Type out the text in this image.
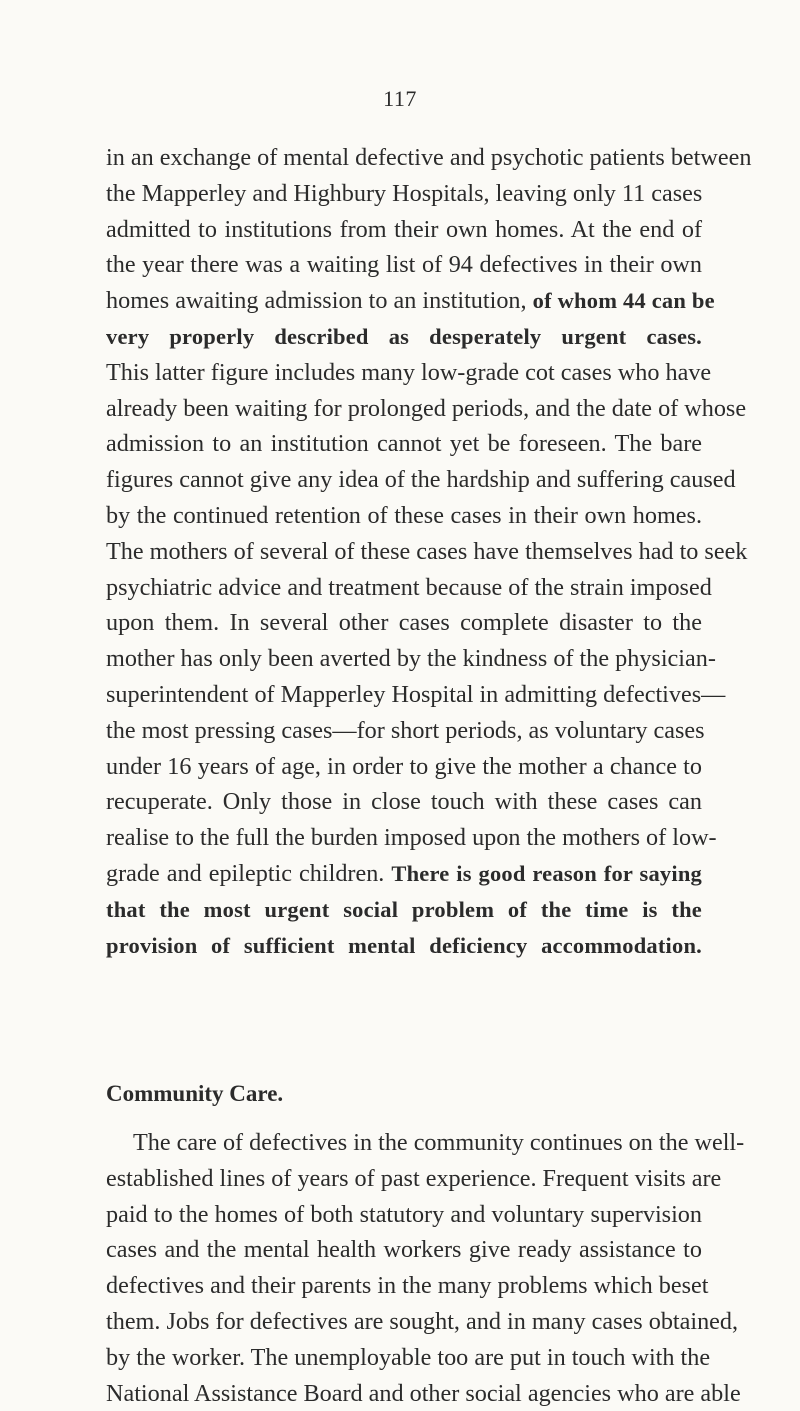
117
in an exchange of mental defective and psychotic patients between
the Mapperley and Highbury Hospitals, leaving only 11 cases
admitted to institutions from their own homes. At the end of
the year there was a waiting list of 94 defectives in their own
homes awaiting admission to an institution, of whom 44 can be
very properly described as desperately urgent cases.
This latter figure includes many low-grade cot cases who have
already been waiting for prolonged periods, and the date of whose
admission to an institution cannot yet be foreseen. The bare
figures cannot give any idea of the hardship and suffering caused
by the continued retention of these cases in their own homes.
The mothers of several of these cases have themselves had to seek
psychiatric advice and treatment because of the strain imposed
upon them. In several other cases complete disaster to the
mother has only been averted by the kindness of the physician-
superintendent of Mapperley Hospital in admitting defectives—
the most pressing cases—for short periods, as voluntary cases
under 16 years of age, in order to give the mother a chance to
recuperate. Only those in close touch with these cases can
realise to the full the burden imposed upon the mothers of low-
grade and epileptic children. There is good reason for saying
that the most urgent social problem of the time is the
provision of sufficient mental deficiency accommodation.
Community Care.
The care of defectives in the community continues on the well-
established lines of years of past experience. Frequent visits are
paid to the homes of both statutory and voluntary supervision
cases and the mental health workers give ready assistance to
defectives and their parents in the many problems which beset
them. Jobs for defectives are sought, and in many cases obtained,
by the worker. The unemployable too are put in touch with the
National Assistance Board and other social agencies who are able
